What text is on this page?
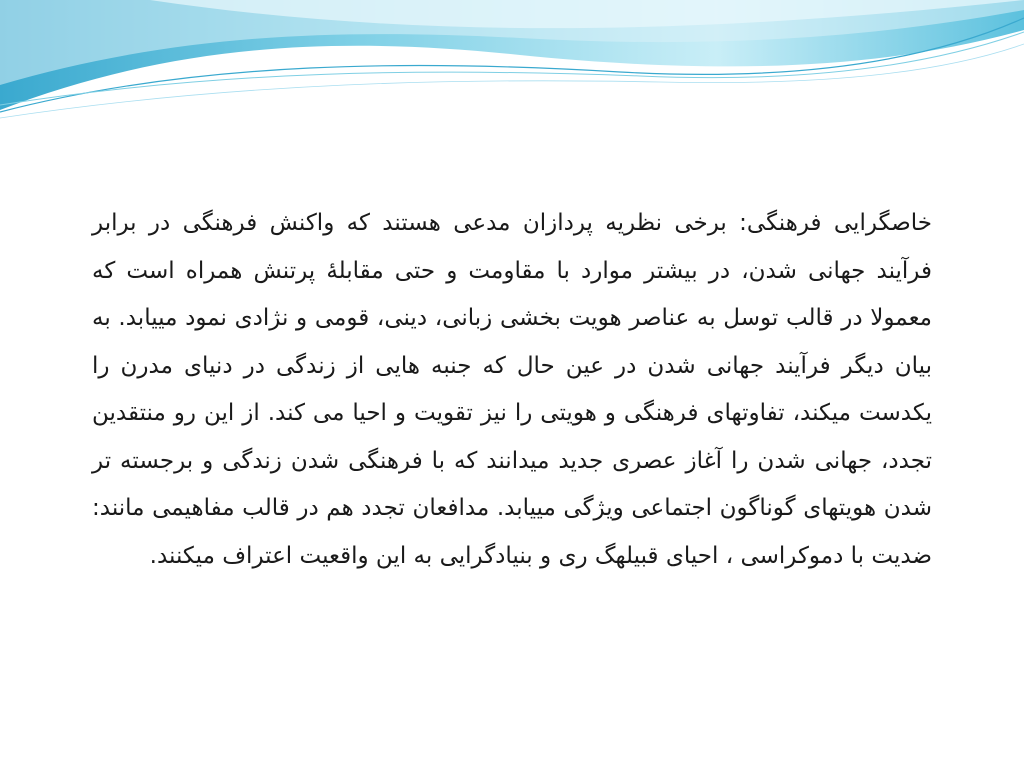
خاصگرایی فرهنگی: برخی نظریه پردازان مدعی هستند که واکنش فرهنگی در برابر فرآیند جهانی شدن، در بیشتر موارد با مقاومت و حتی مقابلۀ پرتنش همراه است که معمولا در قالب توسل به عناصر هویت بخشی زبانی، دینی، قومی و نژادی نمود مییابد. به بیان دیگر فرآیند جهانی شدن در عین حال که جنبه هایی از زندگی در دنیای مدرن را یکدست میکند، تفاوتهای فرهنگی و هویتی را نیز تقویت و احیا می کند. از این رو منتقدین تجدد، جهانی شدن را آغاز عصری جدید میدانند که با فرهنگی شدن زندگی و برجسته تر شدن هویتهای گوناگون اجتماعی ویژگی مییابد. مدافعان تجدد هم در قالب مفاهیمی مانند: ضدیت با دموکراسی ، احیای قبیلهگ ری و بنیادگرایی به این واقعیت اعتراف میکنند.
